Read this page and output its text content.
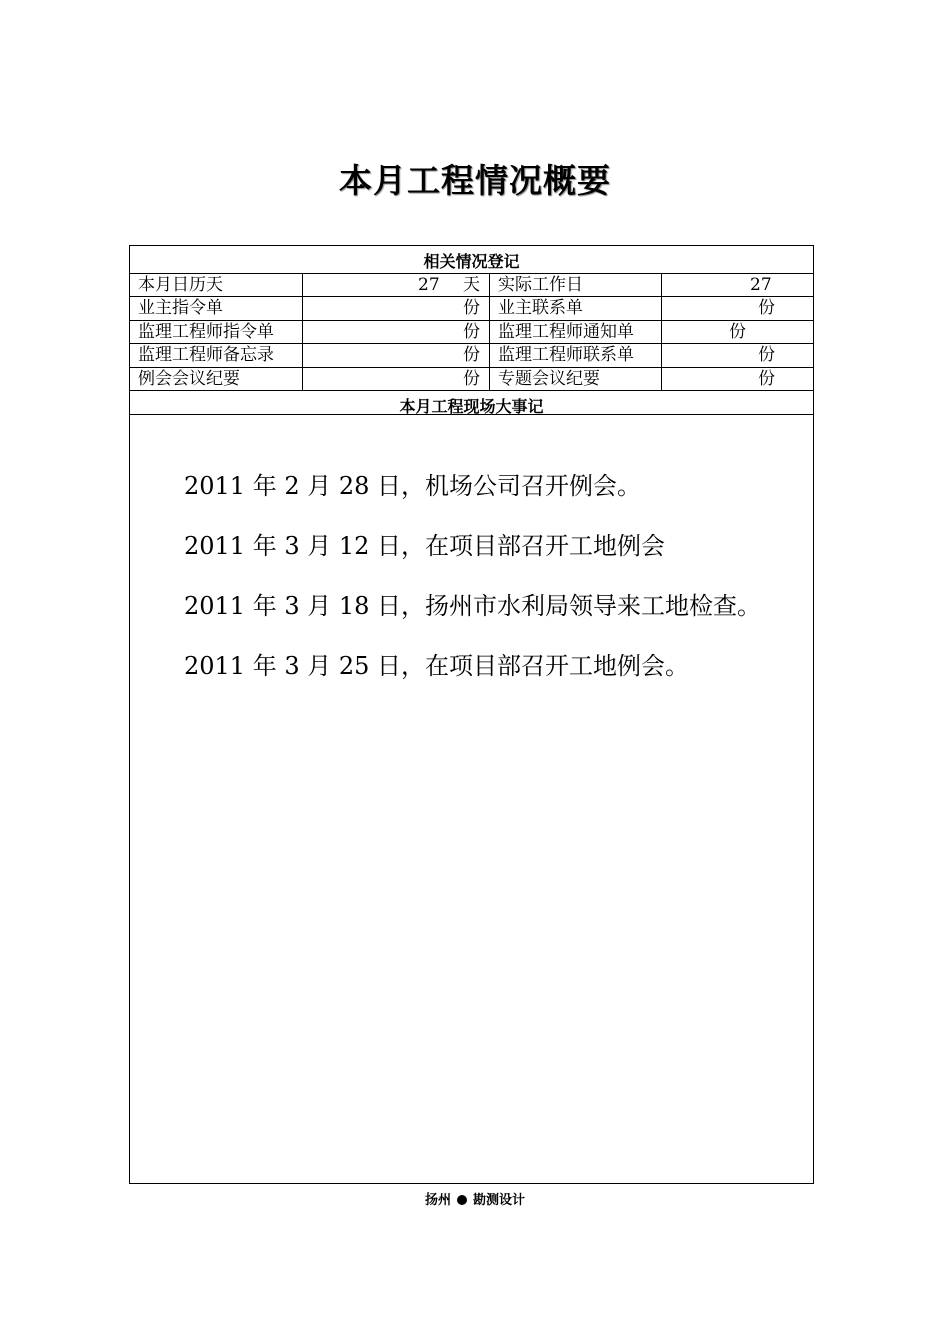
本月工程情况概要
相关情况登记
本月日历天	27 天 实际工作日	27
业主指令单	份 业主联系单	份
监理工程师指令单	份 监理工程师通知单	份
监理工程师备忘录	份 监理工程师联系单	份
例会会议纪要	份 专题会议纪要	份
本月工程现场大事记

2011 年 2 月 28 日，机场公司召开例会。

2011 年 3 月 12 日，在项目部召开工地例会

2011 年 3 月 18 日，扬州市水利局领导来工地检查。

2011 年 3 月 25 日，在项目部召开工地例会。

扬州 勘测设计
